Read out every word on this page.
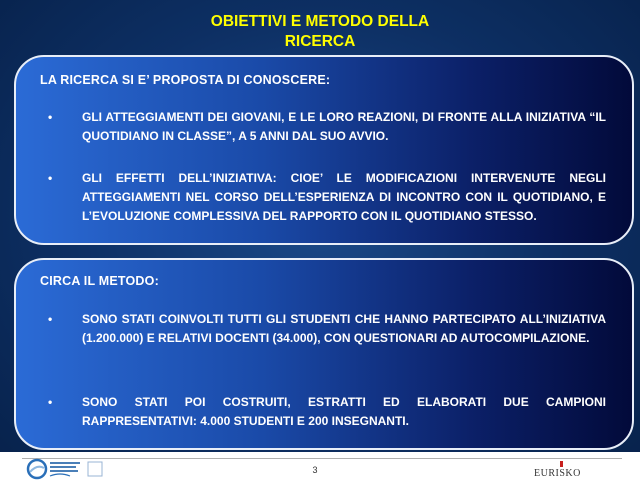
OBIETTIVI E METODO DELLA
RICERCA
LA RICERCA SI E’ PROPOSTA DI CONOSCERE:
• GLI ATTEGGIAMENTI DEI GIOVANI, E LE LORO REAZIONI, DI FRONTE ALLA INIZIATIVA “IL QUOTIDIANO IN CLASSE”, A 5 ANNI DAL SUO AVVIO.
• GLI EFFETTI DELL’INIZIATIVA: CIOE’ LE MODIFICAZIONI INTERVENUTE NEGLI ATTEGGIAMENTI NEL CORSO DELL’ESPERIENZA DI INCONTRO CON IL QUOTIDIANO, E L’EVOLUZIONE COMPLESSIVA DEL RAPPORTO CON IL QUOTIDIANO STESSO.
CIRCA IL METODO:
• SONO STATI COINVOLTI TUTTI GLI STUDENTI CHE HANNO PARTECIPATO ALL’INIZIATIVA (1.200.000) E RELATIVI DOCENTI (34.000), CON QUESTIONARI AD AUTOCOMPILAZIONE.
• SONO STATI POI COSTRUITI, ESTRATTI ED ELABORATI DUE CAMPIONI RAPPRESENTATIVI: 4.000 STUDENTI E 200 INSEGNANTI.
3	EURISKO
